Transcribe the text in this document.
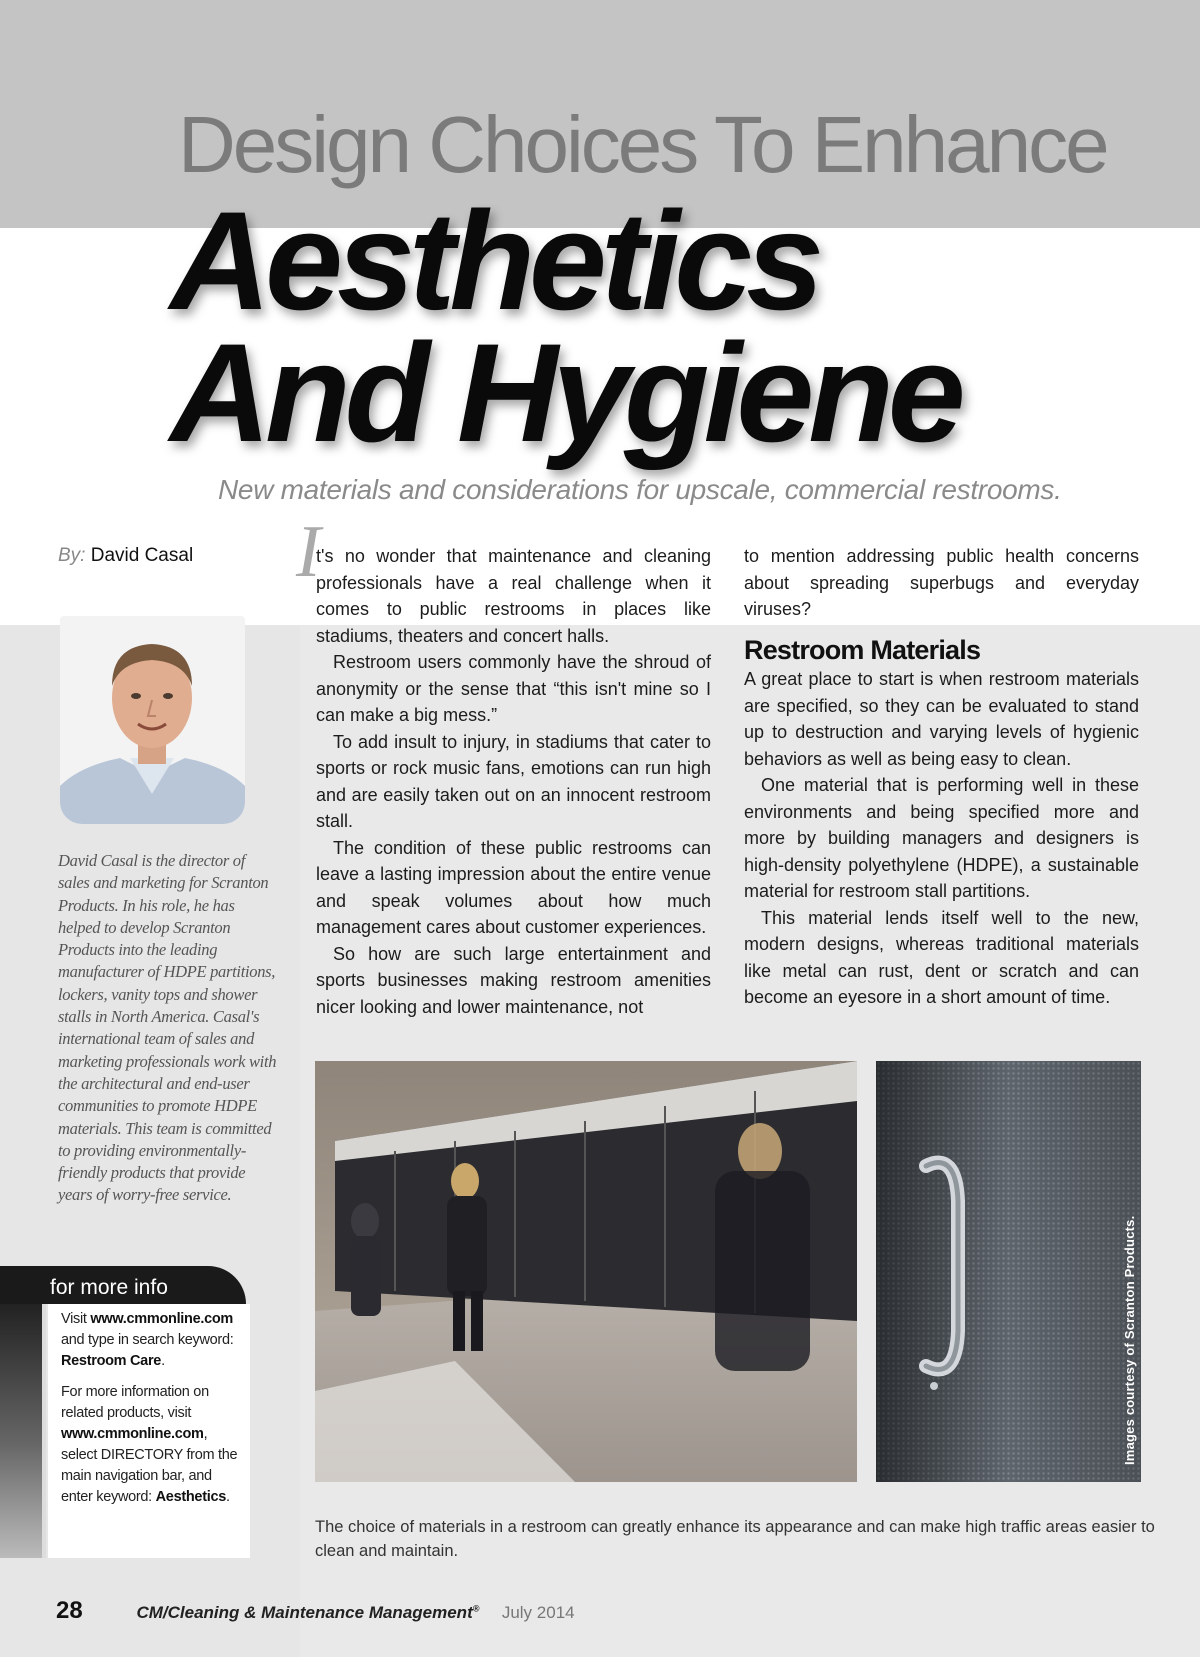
Design Choices To Enhance
Aesthetics
And Hygiene

New materials and considerations for upscale, commercial restrooms.

By: David Casal

David Casal is the director of sales and marketing for Scranton Products. In his role, he has helped to develop Scranton Products into the leading manufacturer of HDPE partitions, lockers, vanity tops and shower stalls in North America. Casal's international team of sales and marketing professionals work with the architectural and end-user communities to promote HDPE materials. This team is committed to providing environmentally-friendly products that provide years of worry-free service.

for more info

Visit www.cmmonline.com and type in search keyword: Restroom Care.

For more information on related products, visit www.cmmonline.com, select DIRECTORY from the main navigation bar, and enter keyword: Aesthetics.

I
t's no wonder that maintenance and cleaning professionals have a real challenge when it comes to public restrooms in places like stadiums, theaters and concert halls.

Restroom users commonly have the shroud of anonymity or the sense that “this isn't mine so I can make a big mess.”

To add insult to injury, in stadiums that cater to sports or rock music fans, emotions can run high and are easily taken out on an innocent restroom stall.

The condition of these public restrooms can leave a lasting impression about the entire venue and speak volumes about how much management cares about customer experiences.

So how are such large entertainment and sports businesses making restroom amenities nicer looking and lower maintenance, not

to mention addressing public health concerns about spreading superbugs and everyday viruses?

Restroom Materials

A great place to start is when restroom materials are specified, so they can be evaluated to stand up to destruction and varying levels of hygienic behaviors as well as being easy to clean.

One material that is performing well in these environments and being specified more and more by building managers and designers is high-density polyethylene (HDPE), a sustainable material for restroom stall partitions.

This material lends itself well to the new, modern designs, whereas traditional materials like metal can rust, dent or scratch and can become an eyesore in a short amount of time.

Images courtesy of Scranton Products.

The choice of materials in a restroom can greatly enhance its appearance and can make high traffic areas easier to clean and maintain.

28	CM/Cleaning & Maintenance Management® July 2014
